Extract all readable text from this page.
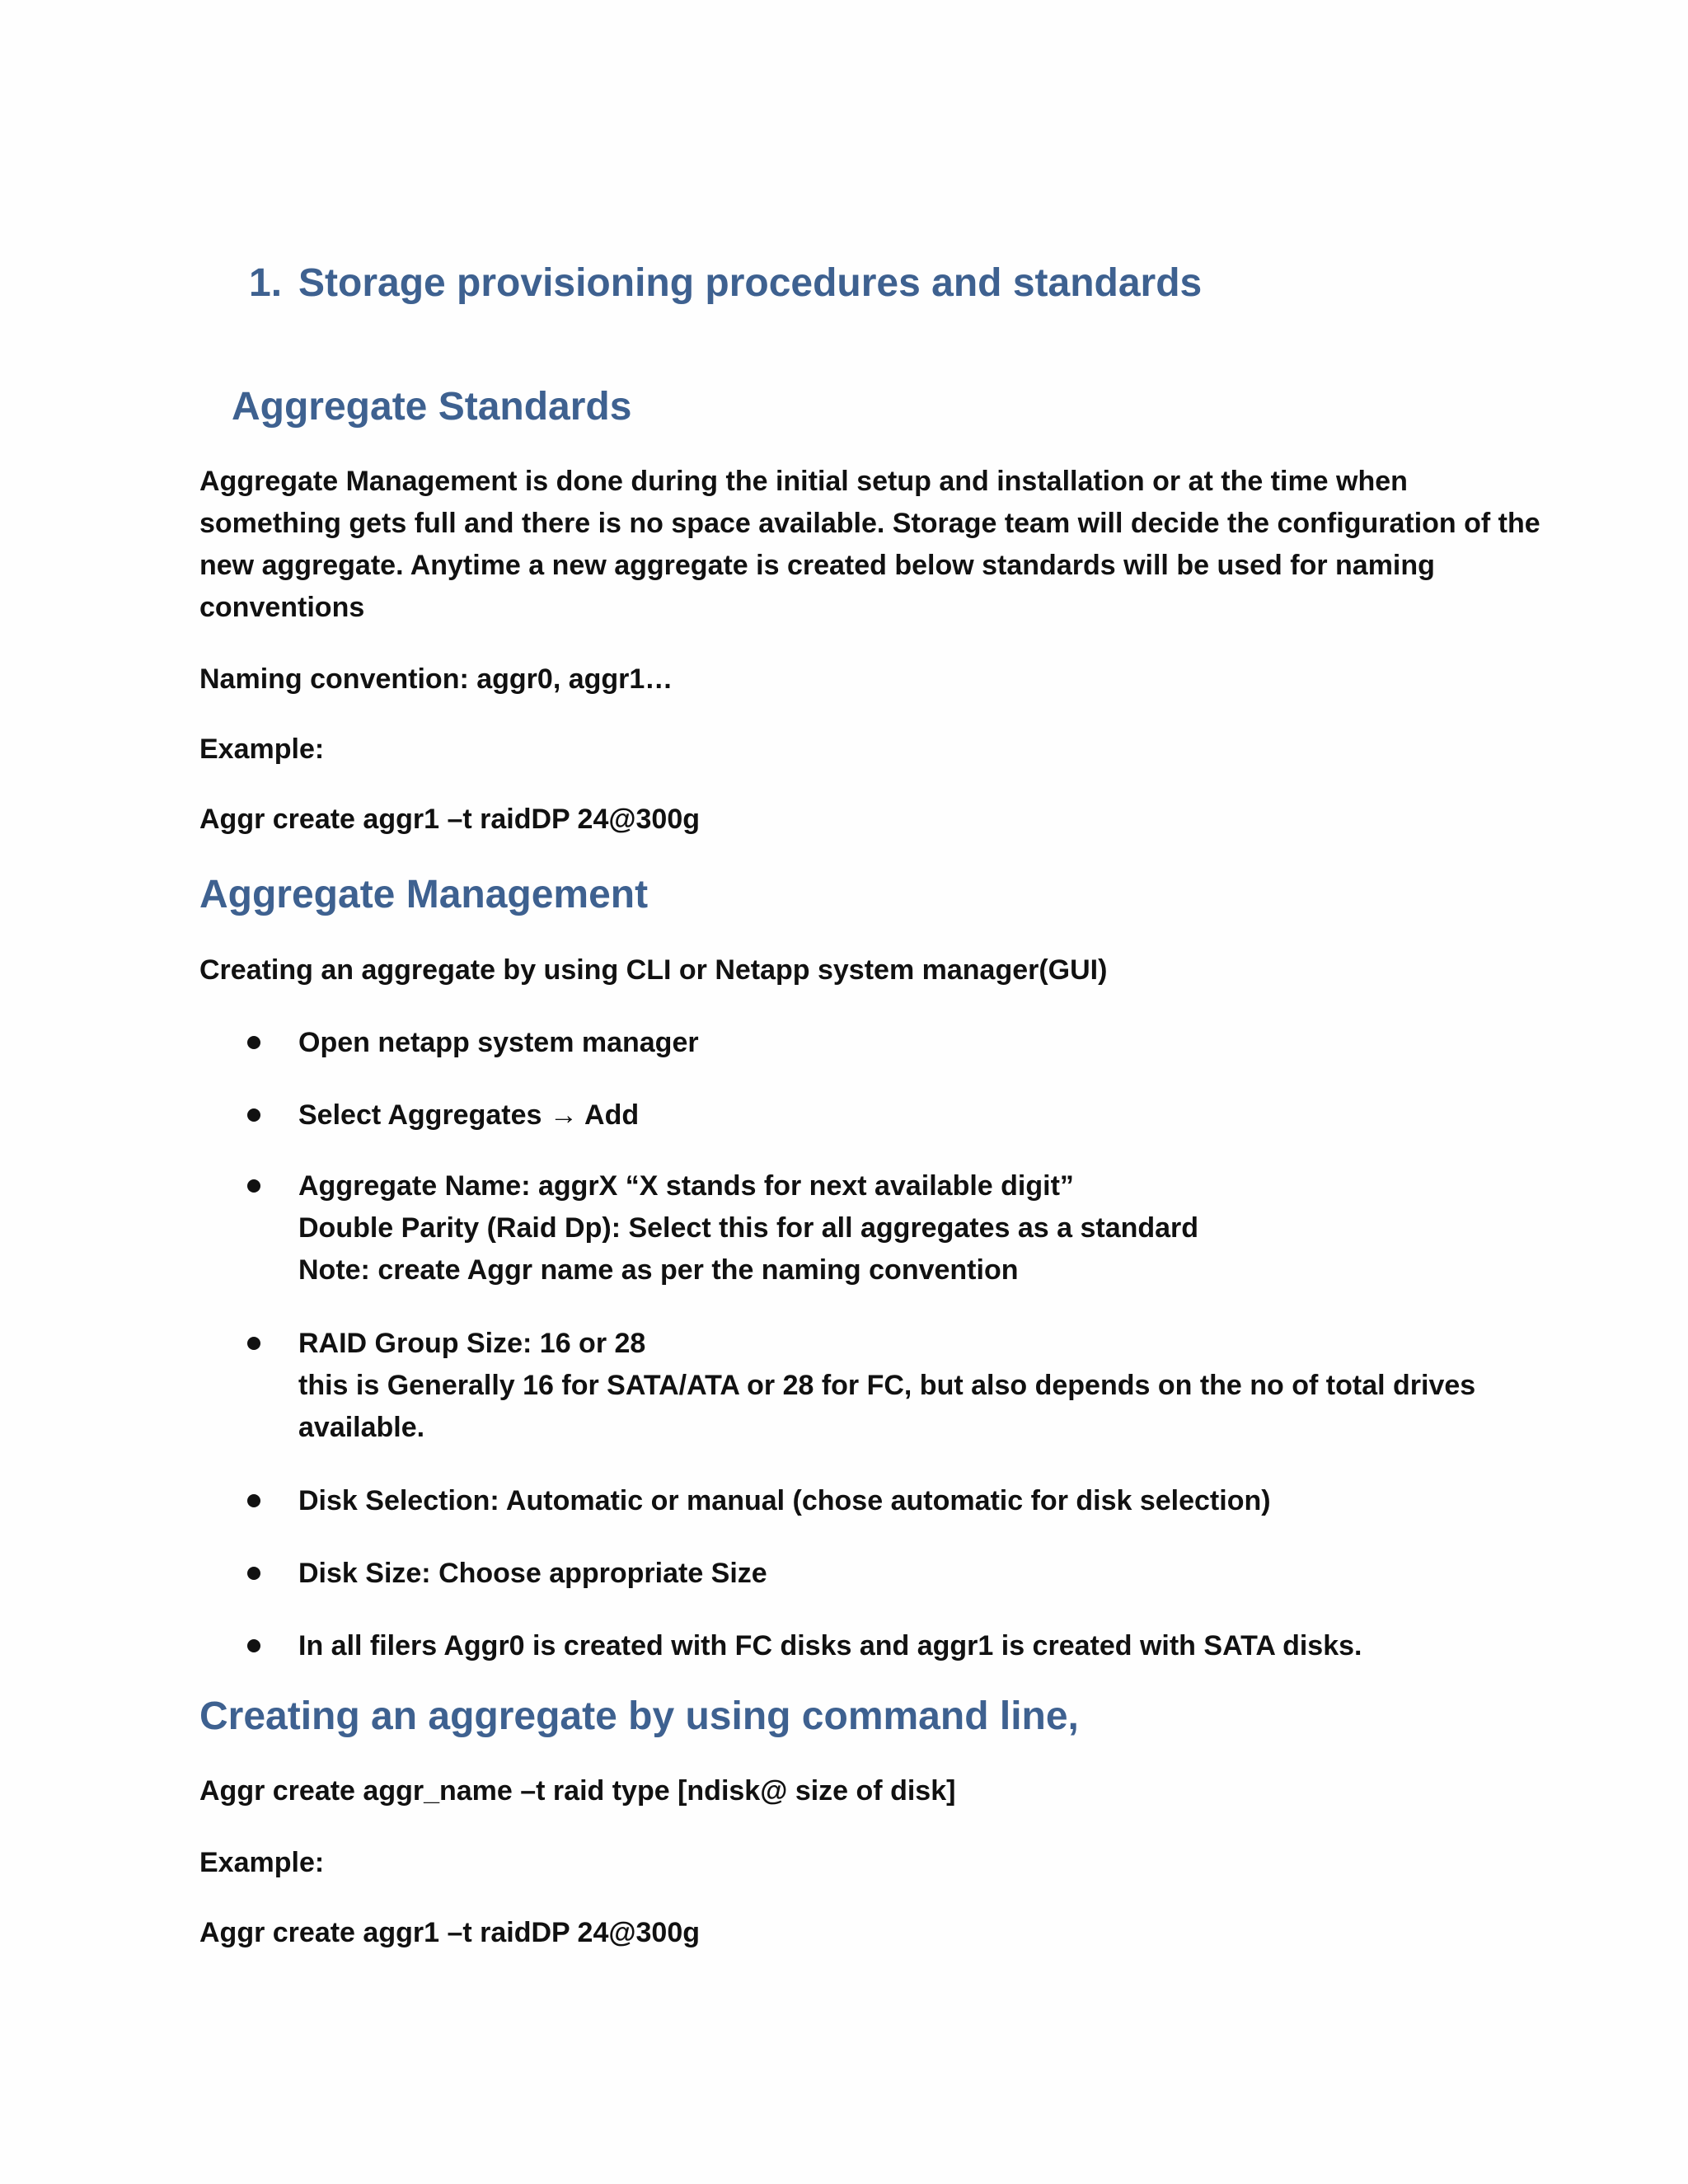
1. Storage provisioning procedures and standards
Aggregate Standards
Aggregate Management is done during the initial setup and installation or at the time when
something gets full and there is no space available. Storage team will decide the configuration of the
new aggregate. Anytime a new aggregate is created below standards will be used for naming
conventions

Naming convention: aggr0, aggr1…

Example:

Aggr create aggr1 –t raidDP 24@300g

Aggregate Management

Creating an aggregate by using CLI or Netapp system manager(GUI)

Open netapp system manager
Select Aggregates → Add
Aggregate Name: aggrX “X stands for next available digit”
Double Parity (Raid Dp): Select this for all aggregates as a standard
Note: create Aggr name as per the naming convention
RAID Group Size: 16 or 28
this is Generally 16 for SATA/ATA or 28 for FC, but also depends on the no of total drives
available.
Disk Selection: Automatic or manual (chose automatic for disk selection)
Disk Size: Choose appropriate Size
In all filers Aggr0 is created with FC disks and aggr1 is created with SATA disks.
Creating an aggregate by using command line,

Aggr create aggr_name –t raid type [ndisk@ size of disk]

Example:

Aggr create aggr1 –t raidDP 24@300g
